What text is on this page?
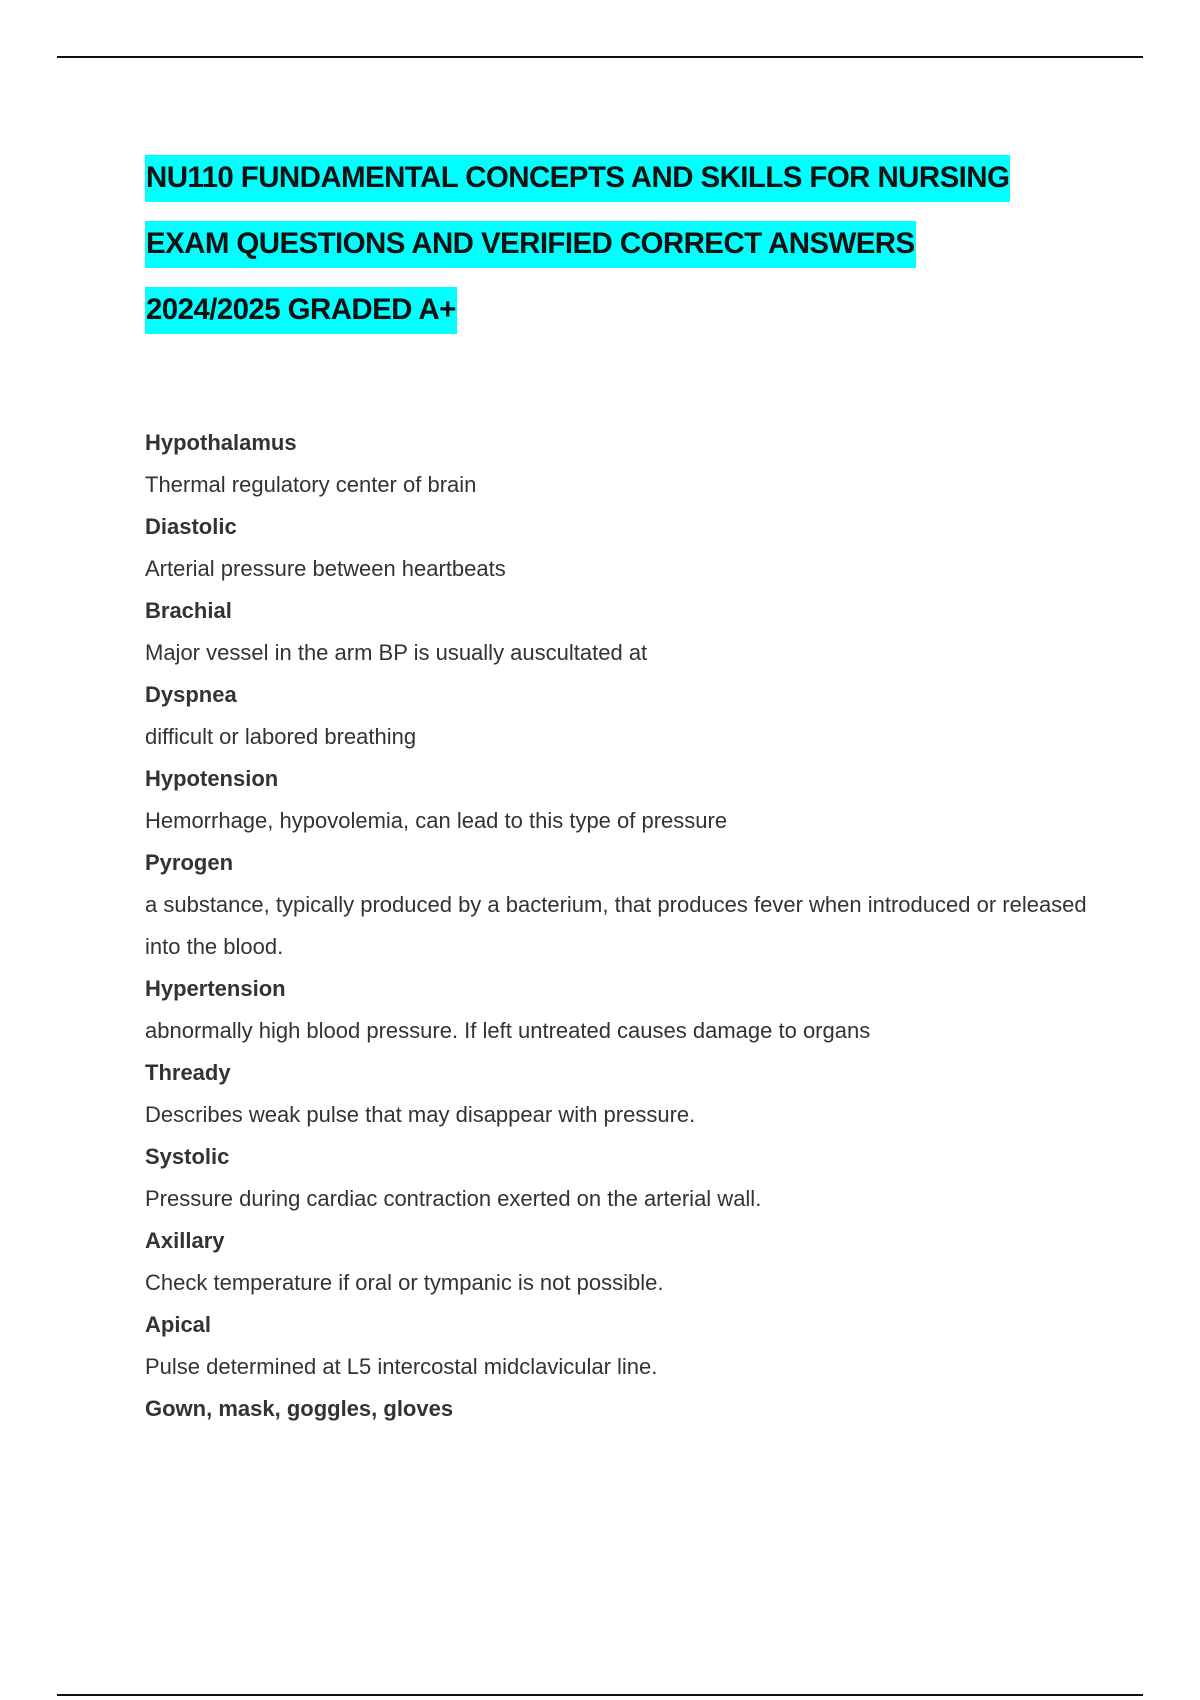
NU110 FUNDAMENTAL CONCEPTS AND SKILLS FOR NURSING
EXAM QUESTIONS AND VERIFIED CORRECT ANSWERS
2024/2025 GRADED A+
Hypothalamus
Thermal regulatory center of brain
Diastolic
Arterial pressure between heartbeats
Brachial
Major vessel in the arm BP is usually auscultated at
Dyspnea
difficult or labored breathing
Hypotension
Hemorrhage, hypovolemia, can lead to this type of pressure
Pyrogen
a substance, typically produced by a bacterium, that produces fever when introduced or released into the blood.
Hypertension
abnormally high blood pressure. If left untreated causes damage to organs
Thready
Describes weak pulse that may disappear with pressure.
Systolic
Pressure during cardiac contraction exerted on the arterial wall.
Axillary
Check temperature if oral or tympanic is not possible.
Apical
Pulse determined at L5 intercostal midclavicular line.
Gown, mask, goggles, gloves
